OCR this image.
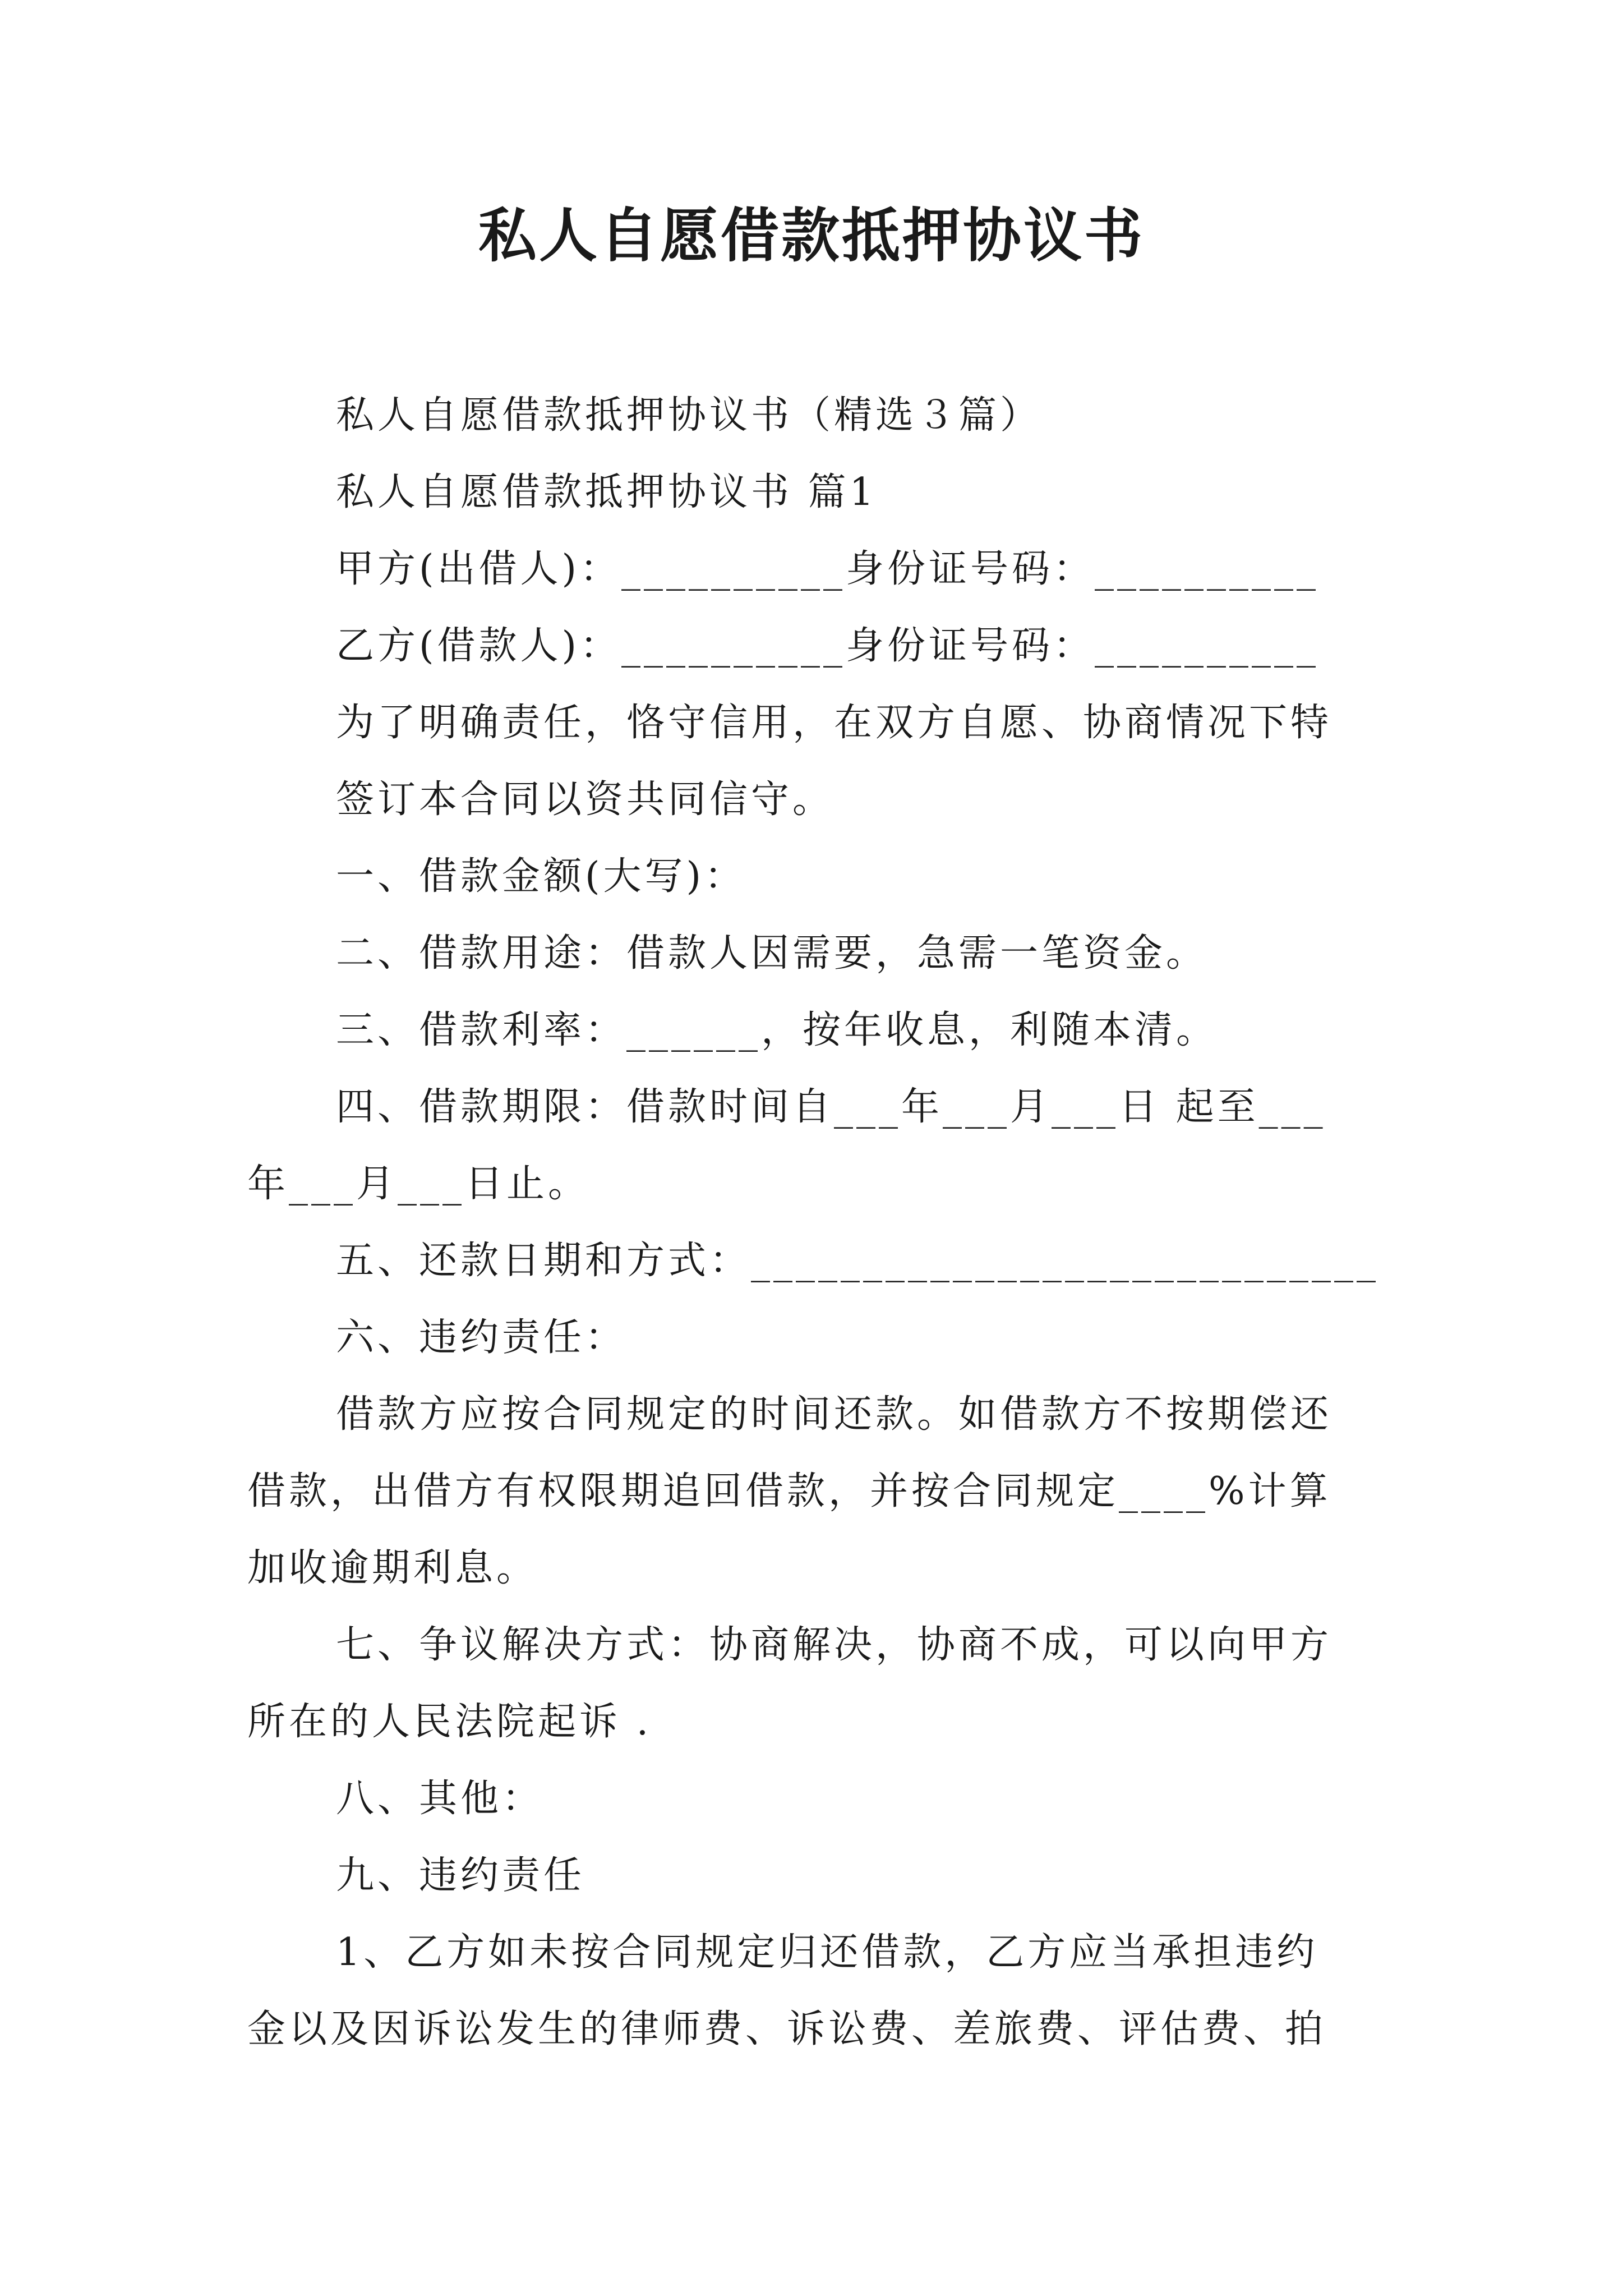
私人自愿借款抵押协议书
私人自愿借款抵押协议书（精选３篇）
私人自愿借款抵押协议书 篇1
甲方(出借人)：__________身份证号码：__________
乙方(借款人)：__________身份证号码：__________
为了明确责任，恪守信用，在双方自愿、协商情况下特
签订本合同以资共同信守。
一、借款金额(大写)：
二、借款用途：借款人因需要，急需一笔资金。
三、借款利率：______，按年收息，利随本清。
四、借款期限：借款时间自___年___月___日 起至___
年___月___日止。
五、还款日期和方式：____________________________
六、违约责任：
借款方应按合同规定的时间还款。如借款方不按期偿还
借款，出借方有权限期追回借款，并按合同规定____%计算
加收逾期利息。
七、争议解决方式：协商解决，协商不成，可以向甲方
所在的人民法院起诉 .
八、其他：
九、违约责任
1、乙方如未按合同规定归还借款，乙方应当承担违约
金以及因诉讼发生的律师费、诉讼费、差旅费、评估费、拍
